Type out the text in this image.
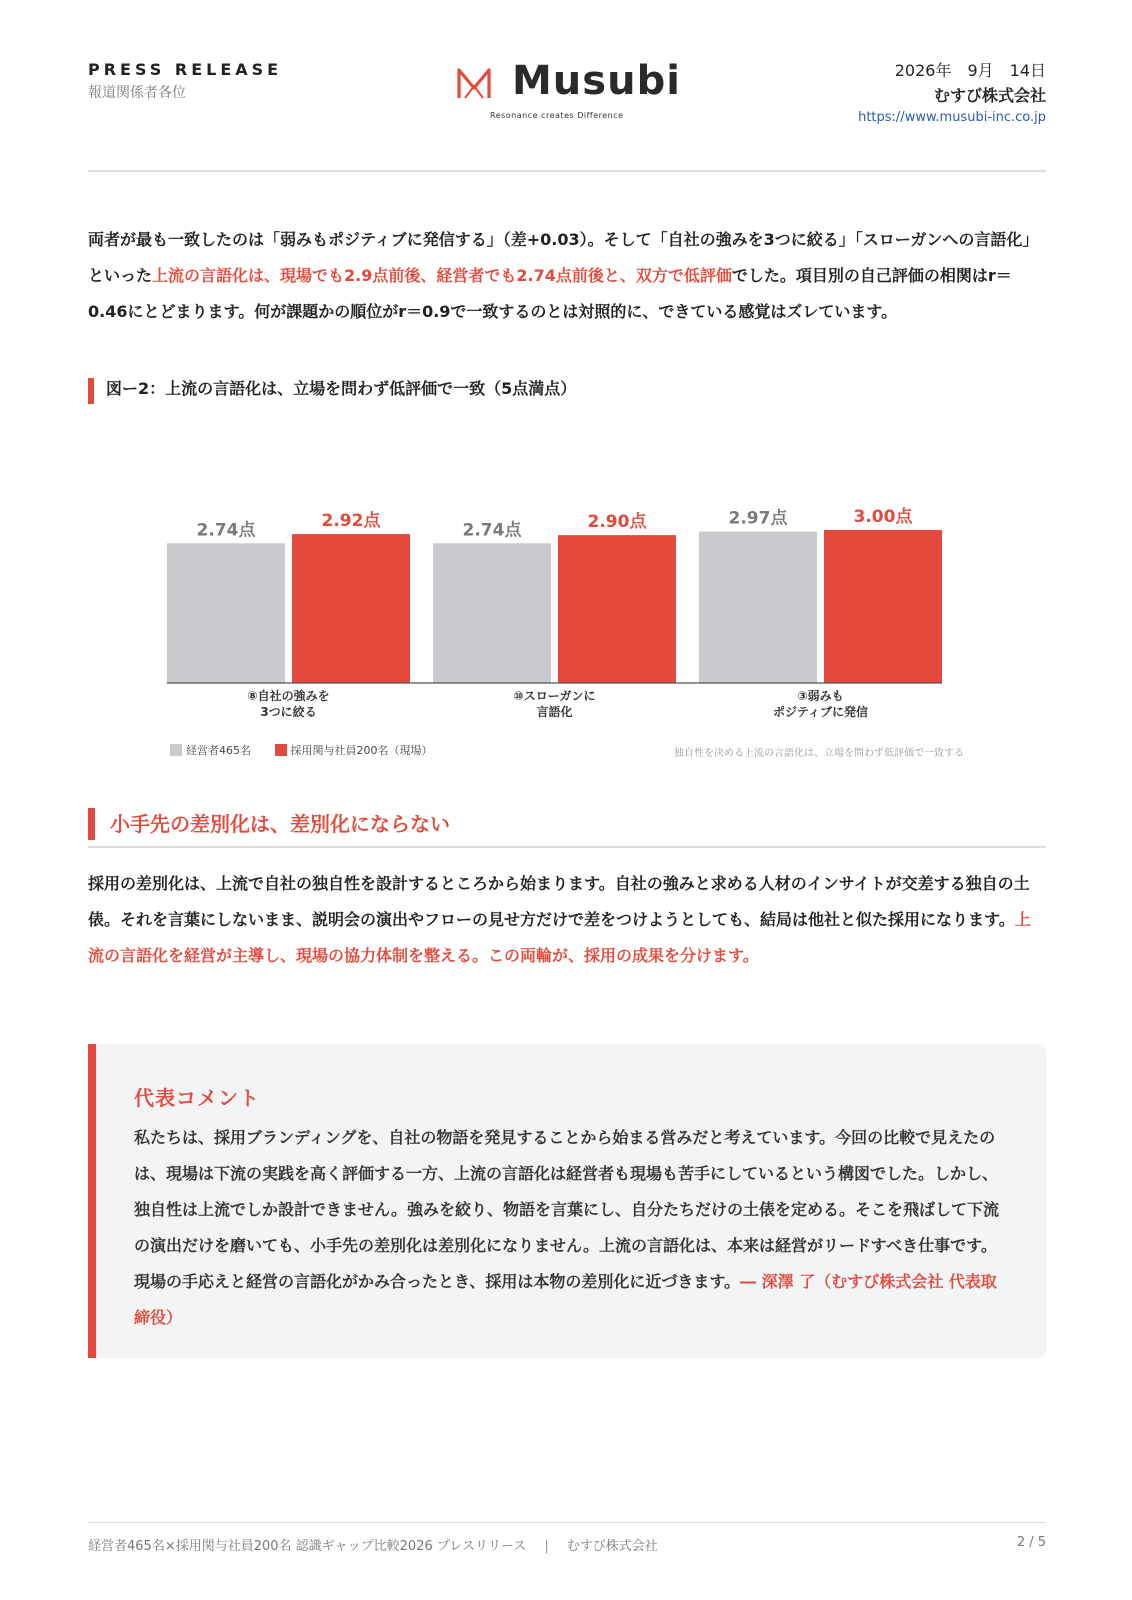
PRESS RELEASE
報道関係者各位	Musubi
Resonance creates Difference
2026年　9月　14日
むすび株式会社
https://www.musubi-inc.co.jp
両者が最も一致したのは「弱みもポジティブに発信する」（差+0.03）。そして「自社の強みを3つに絞る」「スローガンへの言語化」といった上流の言語化は、現場でも2.9点前後、経営者でも2.74点前後と、双方で低評価でした。項目別の自己評価の相関はr＝0.46にとどまります。何が課題かの順位がr＝0.9で一致するのとは対照的に、できている感覚はズレています。
図ー2：上流の言語化は、立場を問わず低評価で一致（5点満点）
2.74点	2.92点
⑧自社の強みを
3つに絞る
2.74点	2.90点
⑩スローガンに
言語化
2.97点	3.00点
③弱みも
ポジティブに発信
経営者465名
	採用関与社員200名（現場）	独自性を決める上流の言語化は、立場を問わず低評価で一致する
小手先の差別化は、差別化にならない
採用の差別化は、上流で自社の独自性を設計するところから始まります。自社の強みと求める人材のインサイトが交差する独自の土俵。それを言葉にしないまま、説明会の演出やフローの見せ方だけで差をつけようとしても、結局は他社と似た採用になります。上流の言語化を経営が主導し、現場の協力体制を整える。この両輪が、採用の成果を分けます。
代表コメント
私たちは、採用ブランディングを、自社の物語を発見することから始まる営みだと考えています。今回の比較で見えたのは、現場は下流の実践を高く評価する一方、上流の言語化は経営者も現場も苦手にしているという構図でした。しかし、独自性は上流でしか設計できません。強みを絞り、物語を言葉にし、自分たちだけの土俵を定める。そこを飛ばして下流の演出だけを磨いても、小手先の差別化は差別化になりません。上流の言語化は、本来は経営がリードすべき仕事です。現場の手応えと経営の言語化がかみ合ったとき、採用は本物の差別化に近づきます。― 深澤 了（むすび株式会社 代表取締役）
経営者465名×採用関与社員200名 認識ギャップ比較2026 プレスリリース | むすび株式会社	2 / 5
